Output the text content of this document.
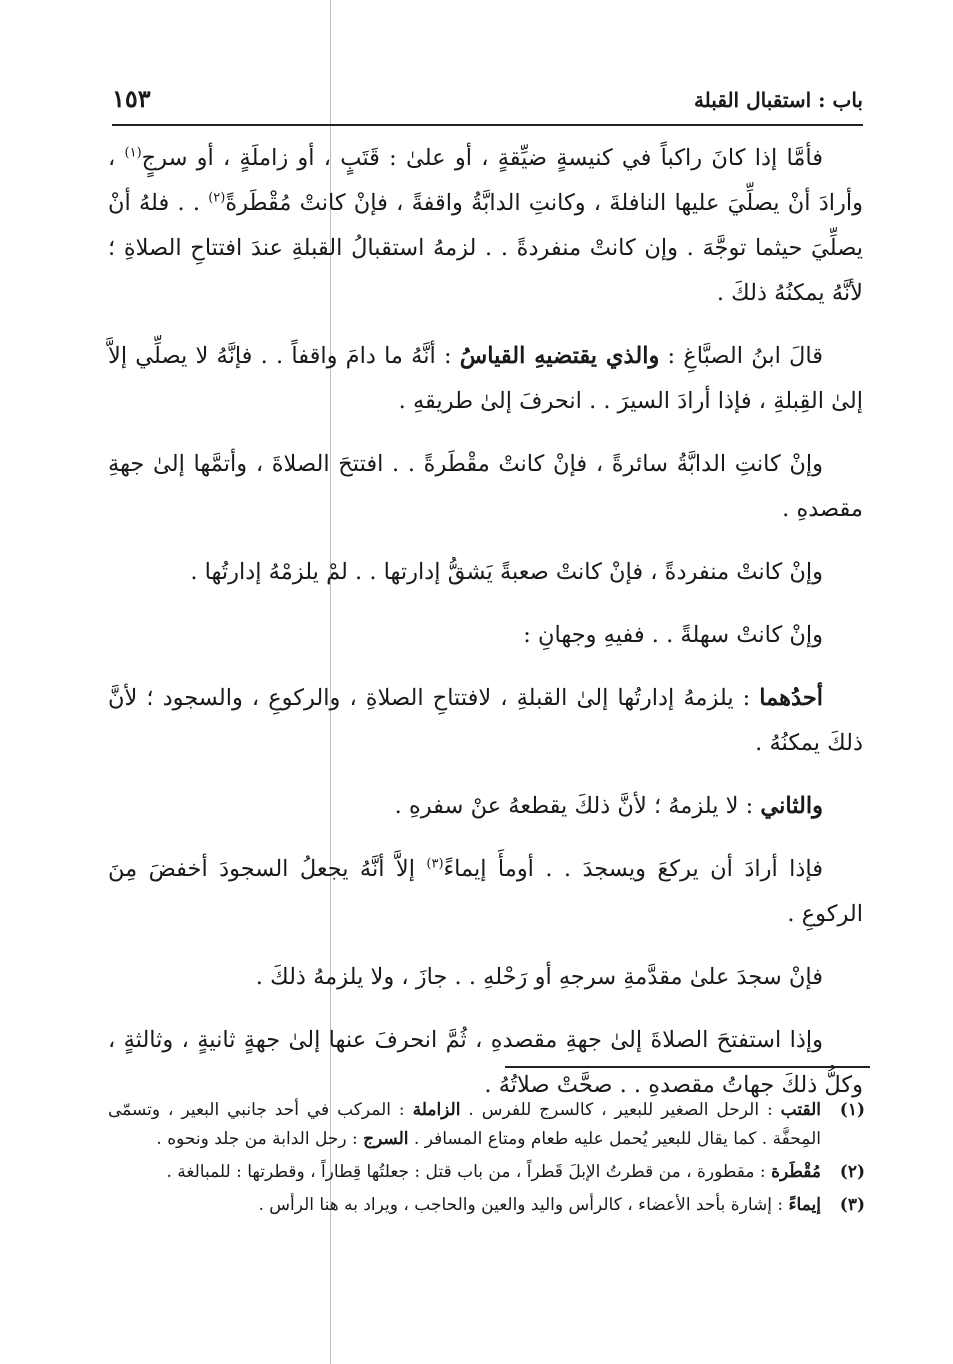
باب : استقبال القبلة
١٥٣

فأمَّا إذا كانَ راكباً في كنيسةٍ ضيِّقةٍ ، أو علىٰ : قَتَبٍ ، أو زاملَةٍ ، أو سرجٍ$^{(١)}$ ، وأرادَ أنْ يصلِّيَ عليها النافلةَ ، وكانتِ الدابَّةُ واقفةً ، فإنْ كانتْ مُقْطَرةً$^{(٢)}$ . . فلهُ أنْ يصلِّيَ حيثما توجَّهَ . وإن كانتْ منفردةً . . لزمهُ استقبالُ القبلةِ عندَ افتتاحِ الصلاةِ ؛ لأنَّهُ يمكنُهُ ذلكَ .

قالَ ابنُ الصبَّاغِ : والذي يقتضيهِ القياسُ : أنَّهُ ما دامَ واقفاً . . فإنَّهُ لا يصلِّي إلاَّ إلىٰ القِبلةِ ، فإذا أرادَ السيرَ . . انحرفَ إلىٰ طريقهِ .

وإنْ كانتِ الدابَّةُ سائرةً ، فإنْ كانتْ مقْطَرةً . . افتتحَ الصلاةَ ، وأتمَّها إلىٰ جهةِ مقصدهِ .

وإنْ كانتْ منفردةً ، فإنْ كانتْ صعبةً يَشقُّ إدارتها . . لمْ يلزمْهُ إدارتُها .

وإنْ كانتْ سهلةً . . ففيهِ وجهانِ :

أحدُهما : يلزمهُ إدارتُها إلىٰ القبلةِ ، لافتتاحِ الصلاةِ ، والركوعِ ، والسجود ؛ لأنَّ ذلكَ يمكنُهُ .

والثاني : لا يلزمهُ ؛ لأنَّ ذلكَ يقطعهُ عنْ سفرهِ .

فإذا أرادَ أن يركعَ ويسجدَ . . أومأَ إيماءً$^{(٣)}$ إلاَّ أنَّهُ يجعلُ السجودَ أخفضَ مِنَ الركوعِ .

فإنْ سجدَ علىٰ مقدَّمةِ سرجهِ أو رَحْلهِ . . جازَ ، ولا يلزمهُ ذلكَ .

وإذا استفتحَ الصلاةَ إلىٰ جهةِ مقصدهِ ، ثُمَّ انحرفَ عنها إلىٰ جهةٍ ثانيةٍ ، وثالثةٍ ، وكلُّ ذلكَ جهاتُ مقصدهِ . . صحَّتْ صلاتُهُ .

(١)
القتب : الرحل الصغير للبعير ، كالسرج للفرس . الزاملة : المركب في أحد جانبي البعير ، وتسمّى المِحفَّة . كما يقال للبعير يُحمل عليه طعام ومتاع المسافر . السرج : رحل الدابة من جلد ونحوه .
(٢)
مُقْطَرة : مقطورة ، من قطرتُ الإبلَ قَطراً ، من باب قتل : جعلتُها قِطاراً ، وقطرتها : للمبالغة .
(٣)
إيماءً : إشارة بأحد الأعضاء ، كالرأس واليد والعين والحاجب ، ويراد به هنا الرأس .
